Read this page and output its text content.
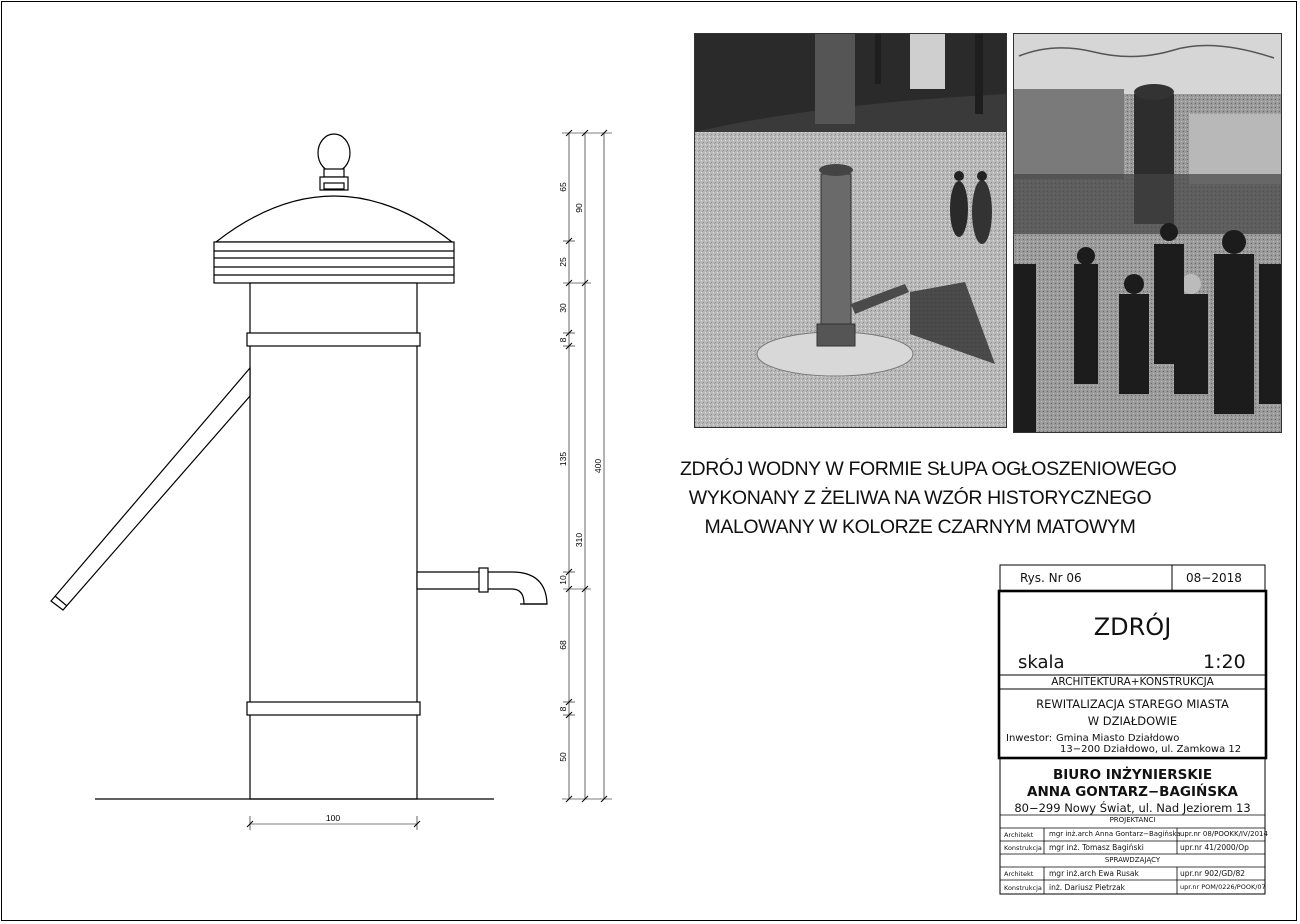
65
90
25
30
8
135
310
400
10
68
8
50
100
ZDRÓJ WODNY W FORMIE SŁUPA OGŁOSZENIOWEGO
WYKONANY Z ŻELIWA NA WZÓR HISTORYCZNEGO
MALOWANY W KOLORZE CZARNYM MATOWYM
Rys. Nr 06	08−2018
ZDRÓJ
skala	1:20
ARCHITEKTURA+KONSTRUKCJA
REWITALIZACJA STAREGO MIASTA
W DZIAŁDOWIE
Inwestor: Gmina Miasto Działdowo
13−200 Działdowo, ul. Zamkowa 12
BIURO INŻYNIERSKIE
ANNA GONTARZ−BAGIŃSKA
80−299 Nowy Świat, ul. Nad Jeziorem 13
PROJEKTANCI
Architekt mgr inż.arch Anna Gontarz−Bagińska upr.nr 08/POOKK/IV/2014
Konstrukcja mgr inż. Tomasz Bagiński	upr.nr 41/2000/Op
SPRAWDZAJĄCY
Architekt mgr inż.arch Ewa Rusak	upr.nr 902/GD/82
Konstrukcja inż. Dariusz Pietrzak	upr.nr POM/0226/POOK/07
